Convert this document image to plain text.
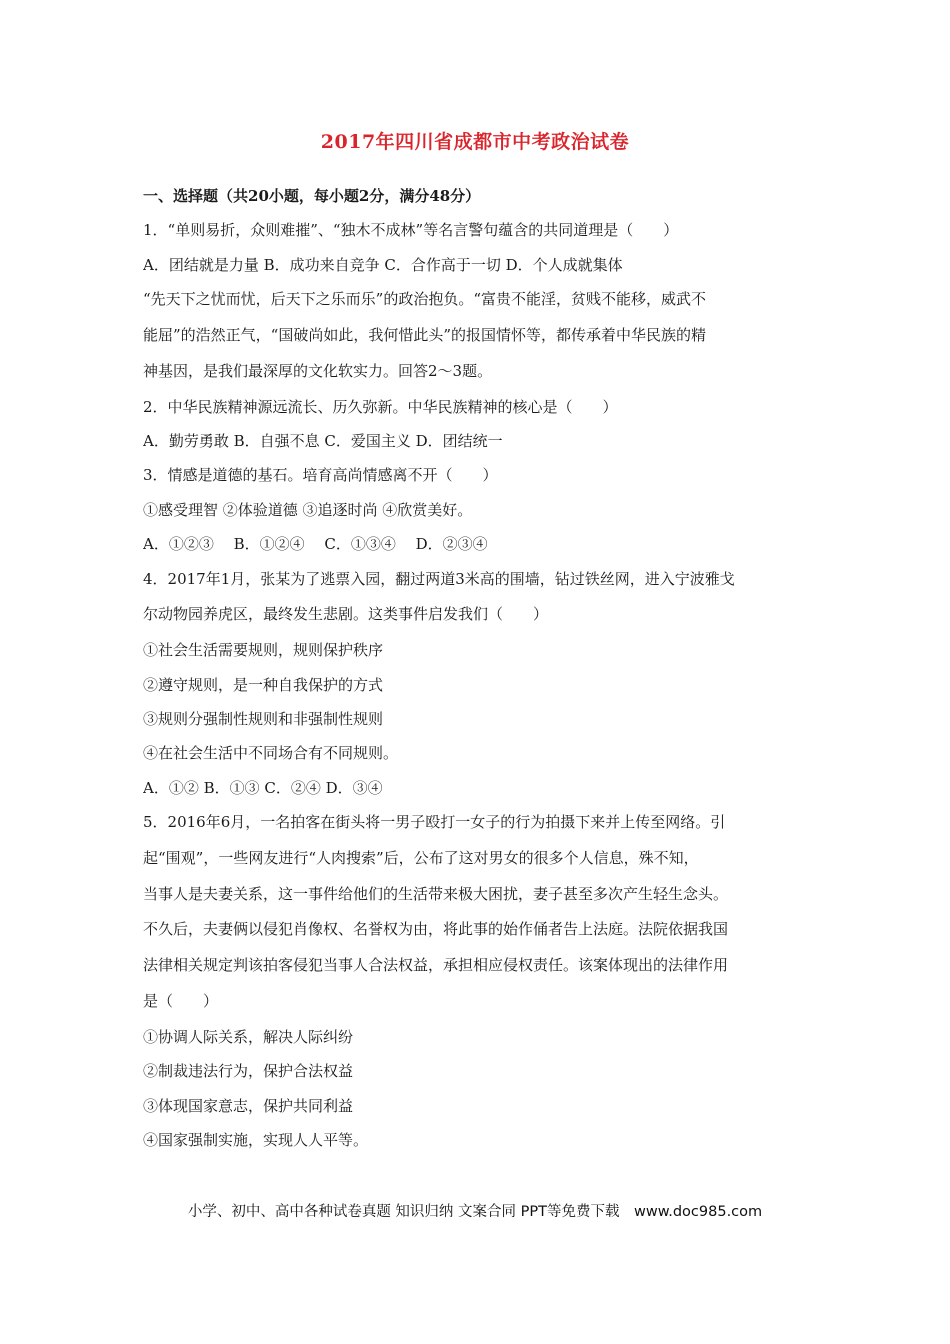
2017年四川省成都市中考政治试卷
一、选择题（共20小题，每小题2分，满分48分）
1．“单则易折，众则难摧”、“独木不成林”等名言警句蕴含的共同道理是（　　）
A．团结就是力量 B．成功来自竞争 C．合作高于一切 D．个人成就集体
“先天下之忧而忧，后天下之乐而乐”的政治抱负。“富贵不能淫，贫贱不能移，威武不
能屈”的浩然正气，“国破尚如此，我何惜此头”的报国情怀等，都传承着中华民族的精
神基因，是我们最深厚的文化软实力。回答2～3题。
2．中华民族精神源远流长、历久弥新。中华民族精神的核心是（　　）
A．勤劳勇敢 B．自强不息 C．爱国主义 D．团结统一
3．情感是道德的基石。培育高尚情感离不开（　　）
①感受理智 ②体验道德 ③追逐时尚 ④欣赏美好。
A．①②③　 B．①②④　 C．①③④　 D．②③④
4．2017年1月，张某为了逃票入园，翻过两道3米高的围墙，钻过铁丝网，进入宁波雅戈
尔动物园养虎区，最终发生悲剧。这类事件启发我们（　　）
①社会生活需要规则，规则保护秩序
②遵守规则，是一种自我保护的方式
③规则分强制性规则和非强制性规则
④在社会生活中不同场合有不同规则。
A．①② B．①③ C．②④ D．③④
5．2016年6月，一名拍客在街头将一男子殴打一女子的行为拍摄下来并上传至网络。引
起“围观”，一些网友进行“人肉搜索”后，公布了这对男女的很多个人信息，殊不知，
当事人是夫妻关系，这一事件给他们的生活带来极大困扰，妻子甚至多次产生轻生念头。
不久后，夫妻俩以侵犯肖像权、名誉权为由，将此事的始作俑者告上法庭。法院依据我国
法律相关规定判该拍客侵犯当事人合法权益，承担相应侵权责任。该案体现出的法律作用
是（　　）
①协调人际关系，解决人际纠纷
②制裁违法行为，保护合法权益
③体现国家意志，保护共同利益
④国家强制实施，实现人人平等。
小学、初中、高中各种试卷真题 知识归纳 文案合同 PPT等免费下载　www.doc985.com
